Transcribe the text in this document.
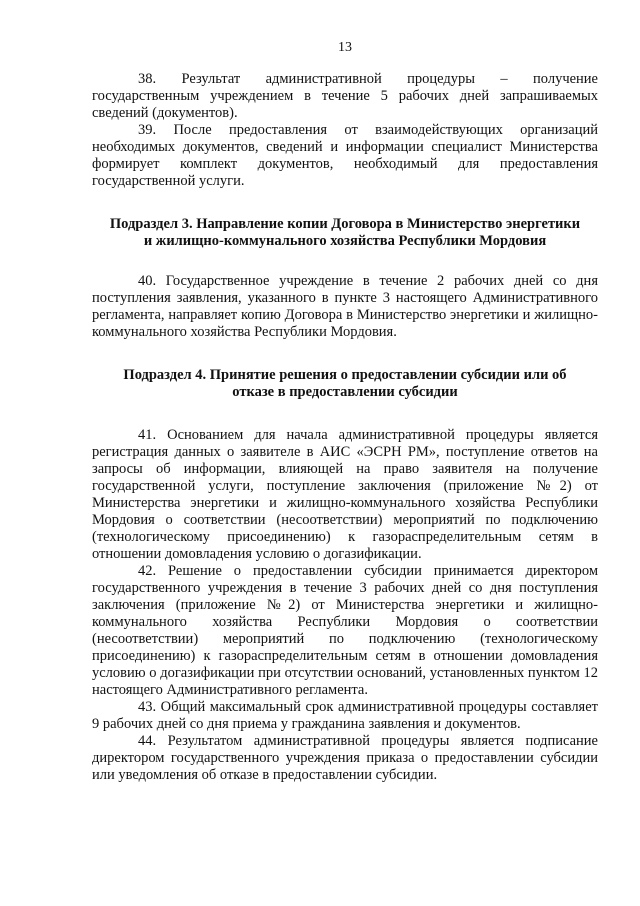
13

38. Результат административной процедуры – получение государственным учреждением в течение 5 рабочих дней запрашиваемых сведений (документов).

39. После предоставления от взаимодействующих организаций необходимых документов, сведений и информации специалист Министерства формирует комплект документов, необходимый для предоставления государственной услуги.

Подраздел 3. Направление копии Договора в Министерство энергетики
и жилищно-коммунального хозяйства Республики Мордовия

40. Государственное учреждение в течение 2 рабочих дней со дня поступления заявления, указанного в пункте 3 настоящего Административного регламента, направляет копию Договора в Министерство энергетики и жилищно-коммунального хозяйства Республики Мордовия.

Подраздел 4. Принятие решения о предоставлении субсидии или об
отказе в предоставлении субсидии

41. Основанием для начала административной процедуры является регистрация данных о заявителе в АИС «ЭСРН РМ», поступление ответов на запросы об информации, влияющей на право заявителя на получение государственной услуги, поступление заключения (приложение №2) от Министерства энергетики и жилищно-коммунального хозяйства Республики Мордовия о соответствии (несоответствии) мероприятий по подключению (технологическому присоединению) к газораспределительным сетям в отношении домовладения условию о догазификации.

42. Решение о предоставлении субсидии принимается директором государственного учреждения в течение 3 рабочих дней со дня поступления заключения (приложение №2) от Министерства энергетики и жилищно-коммунального хозяйства Республики Мордовия о соответствии (несоответствии) мероприятий по подключению (технологическому присоединению) к газораспределительным сетям в отношении домовладения условию о догазификации при отсутствии оснований, установленных пунктом 12 настоящего Административного регламента.

43. Общий максимальный срок административной процедуры составляет 9 рабочих дней со дня приема у гражданина заявления и документов.

44. Результатом административной процедуры является подписание директором государственного учреждения приказа о предоставлении субсидии или уведомления об отказе в предоставлении субсидии.
